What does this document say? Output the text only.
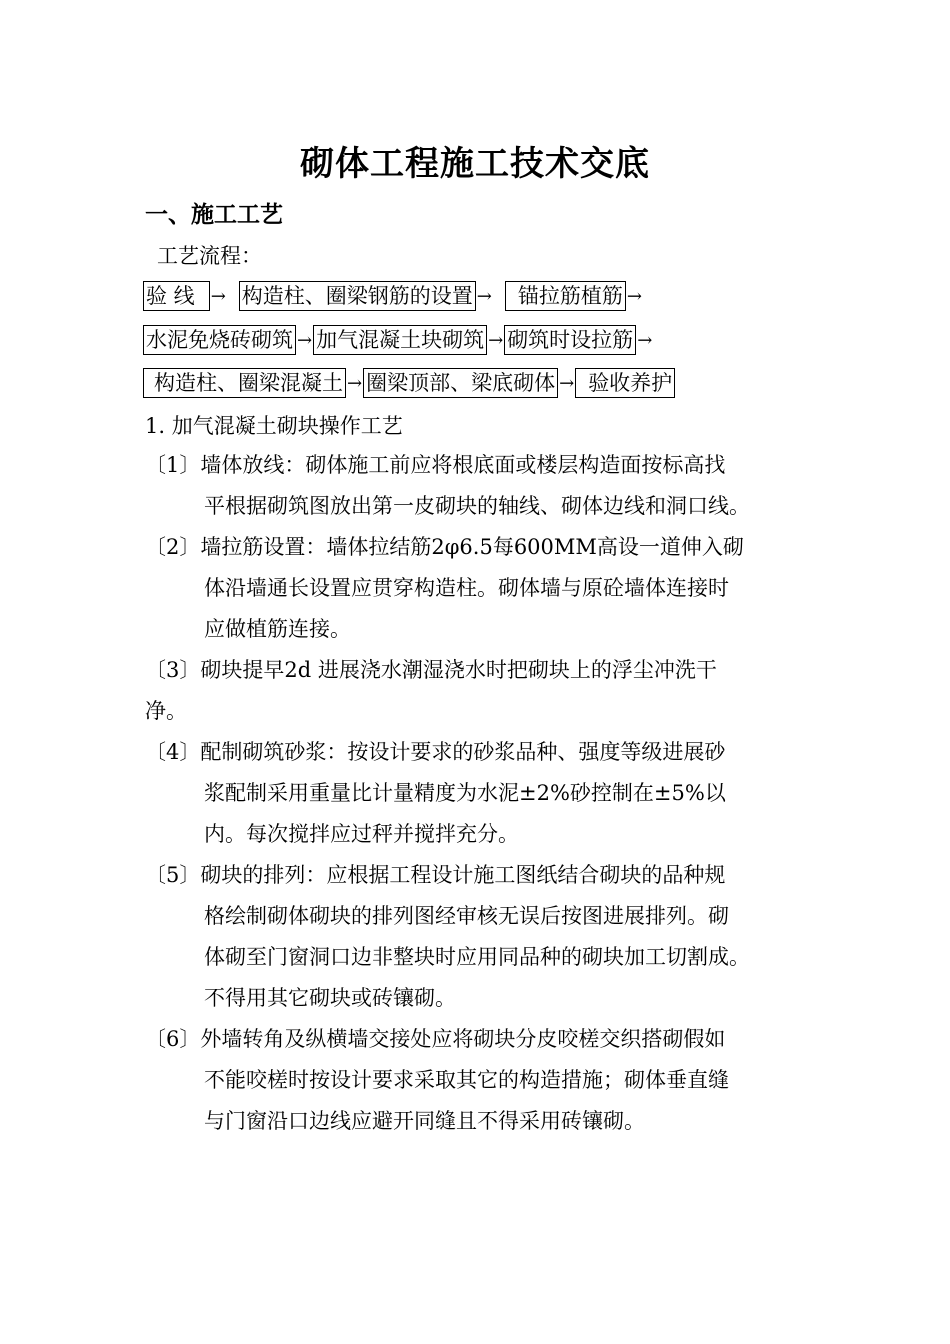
砌体工程施工技术交底
一、施工工艺
工艺流程：
验 线 → 构造柱、圈梁钢筋的设置 →	锚拉筋植筋 →
水泥免烧砖砌筑 → 加气混凝土块砌筑 → 砌筑时设拉筋 →
构造柱、圈梁混凝土 → 圈梁顶部、梁底砌体 → 验收养护
1. 加气混凝土砌块操作工艺
〔1〕墙体放线：砌体施工前应将根底面或楼层构造面按标高找
平根据砌筑图放出第一皮砌块的轴线、砌体边线和洞口线。
〔2〕墙拉筋设置：墙体拉结筋2φ6.5每600MM高设一道伸入砌
体沿墙通长设置应贯穿构造柱。砌体墙与原砼墙体连接时
应做植筋连接。
〔3〕砌块提早2d 进展浇水潮湿浇水时把砌块上的浮尘冲洗干
净。
〔4〕配制砌筑砂浆：按设计要求的砂浆品种、强度等级进展砂
浆配制采用重量比计量精度为水泥±2%砂控制在±5%以
内。每次搅拌应过秤并搅拌充分。
〔5〕砌块的排列：应根据工程设计施工图纸结合砌块的品种规
格绘制砌体砌块的排列图经审核无误后按图进展排列。砌
体砌至门窗洞口边非整块时应用同品种的砌块加工切割成。
不得用其它砌块或砖镶砌。
〔6〕外墙转角及纵横墙交接处应将砌块分皮咬槎交织搭砌假如
不能咬槎时按设计要求采取其它的构造措施；砌体垂直缝
与门窗沿口边线应避开同缝且不得采用砖镶砌。
